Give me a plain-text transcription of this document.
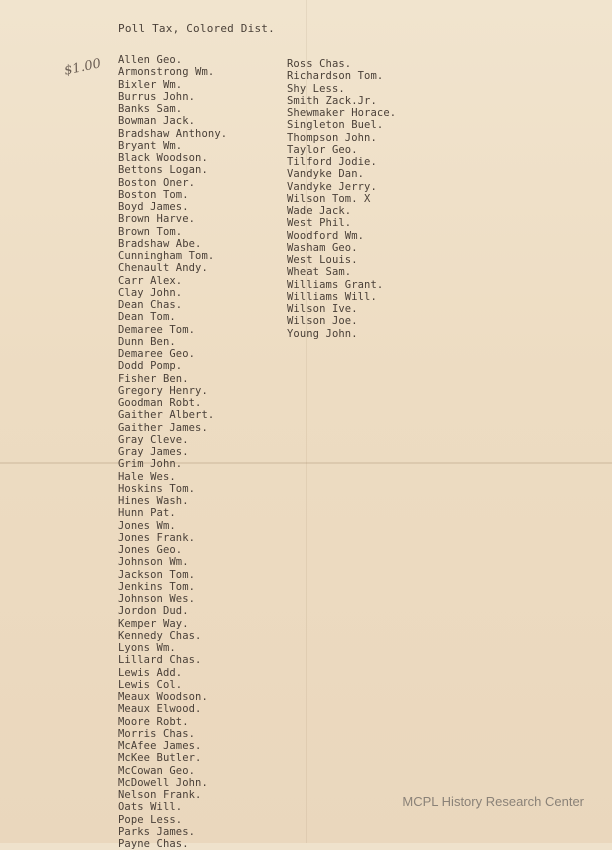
Poll Tax, Colored Dist.
$1.00 Allen Geo.
Armonstrong Wm.
Bixler Wm.
Burrus John.
Banks Sam.
Bowman Jack.
Bradshaw Anthony.
Bryant Wm.
Black Woodson.
Bettons Logan.
Boston Oner.
Boston Tom.
Boyd James.
Brown Harve.
Brown Tom.
Bradshaw Abe.
Cunningham Tom.
Chenault Andy.
Carr Alex.
Clay John.
Dean Chas.
Dean Tom.
Demaree Tom.
Dunn Ben.
Demaree Geo.
Dodd Pomp.
Fisher Ben.
Gregory Henry.
Goodman Robt.
Gaither Albert.
Gaither James.
Gray Cleve.
Gray James.
Grim John.
Hale Wes.
Hoskins Tom.
Hines Wash.
Hunn Pat.
Jones Wm.
Jones Frank.
Jones Geo.
Johnson Wm.
Jackson Tom.
Jenkins Tom.
Johnson Wes.
Jordon Dud.
Kemper Way.
Kennedy Chas.
Lyons Wm.
Lillard Chas.
Lewis Add.
Lewis Col.
Meaux Woodson.
Meaux Elwood.
Moore Robt.
Morris Chas.
McAfee James.
McKee Butler.
McCowan Geo.
McDowell John.
Nelson Frank.
Oats Will.
Pope Less.
Parks James.
Payne Chas.
Ross Chas.
Richardson Tom.
Shy Less.
Smith Zack.Jr.
Shewmaker Horace.
Singleton Buel.
Thompson John.
Taylor Geo.
Tilford Jodie.
Vandyke Dan.
Vandyke Jerry.
Wilson Tom. X
Wade Jack.
West Phil.
Woodford Wm.
Washam Geo.
West Louis.
Wheat Sam.
Williams Grant.
Williams Will.
Wilson Ive.
Wilson Joe.
Young John.
MCPL History Research Center
